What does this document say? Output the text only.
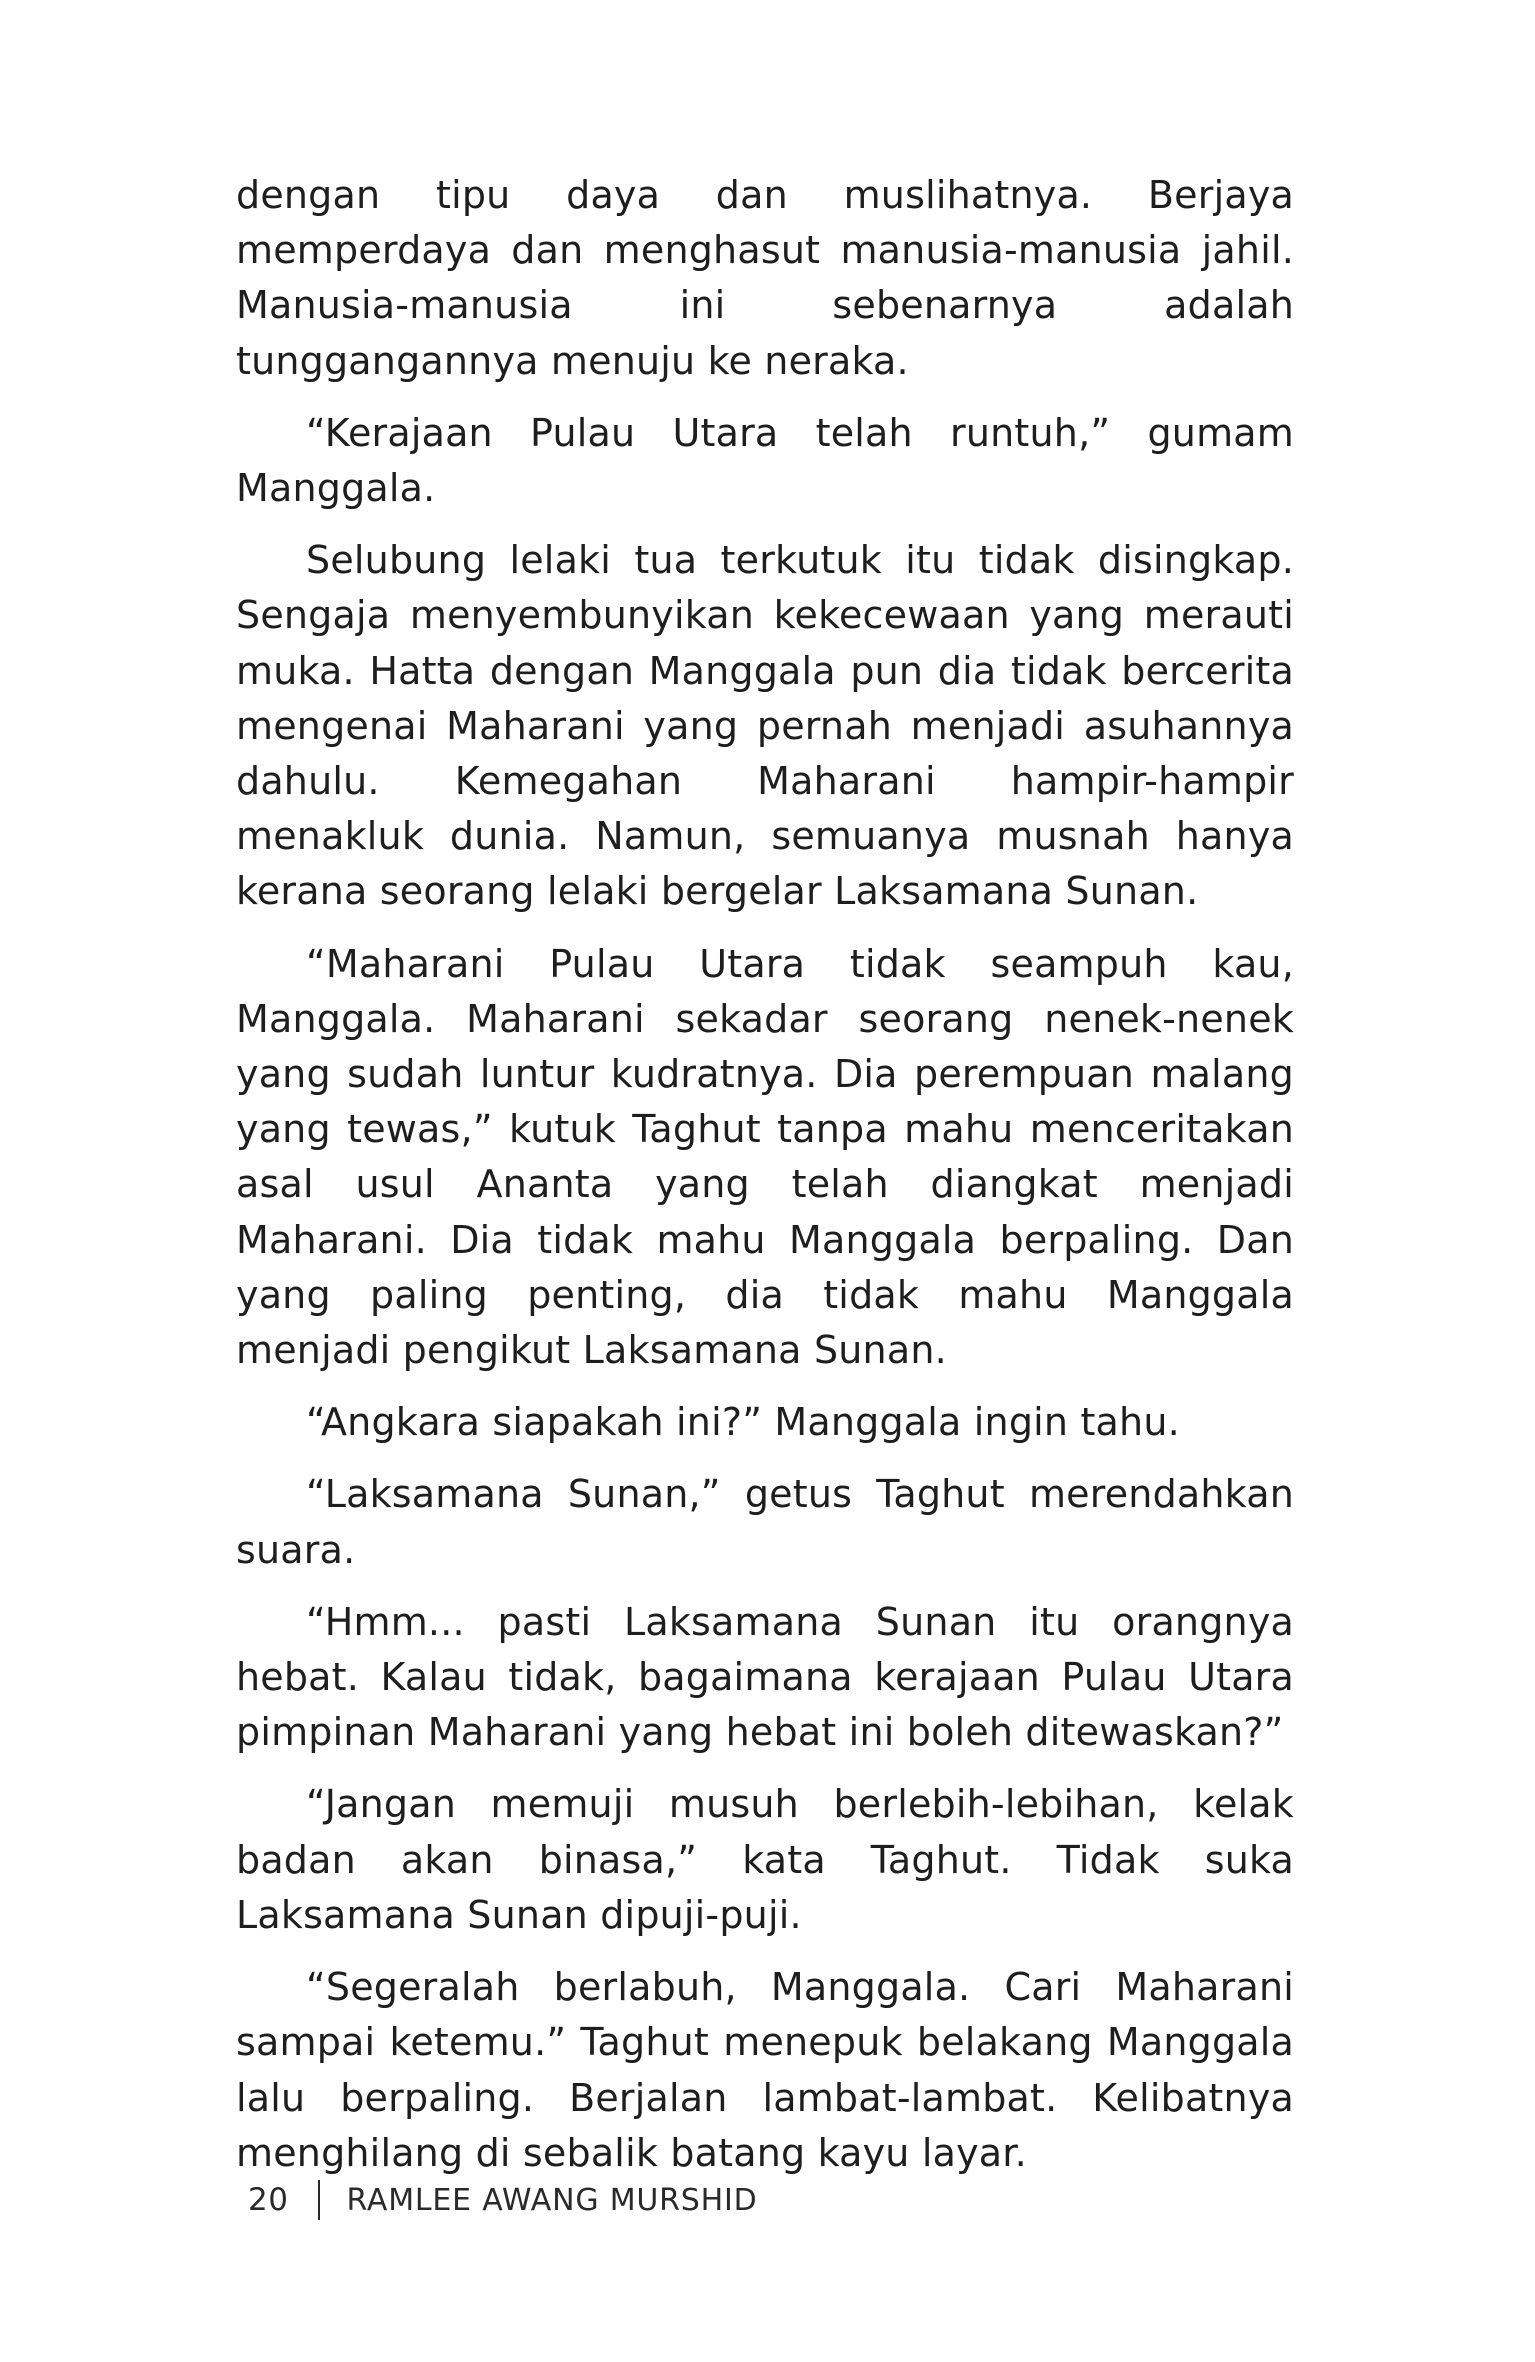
dengan tipu daya dan muslihatnya. Berjaya memperdaya dan menghasut manusia-manusia jahil. Manusia-manusia ini sebenarnya adalah tunggangannya menuju ke neraka.

“Kerajaan Pulau Utara telah runtuh,” gumam Manggala.

Selubung lelaki tua terkutuk itu tidak disingkap. Sengaja menyembunyikan kekecewaan yang merauti muka. Hatta dengan Manggala pun dia tidak bercerita mengenai Maharani yang pernah menjadi asuhannya dahulu. Kemegahan Maharani hampir-hampir menakluk dunia. Namun, semuanya musnah hanya kerana seorang lelaki bergelar Laksamana Sunan.

“Maharani Pulau Utara tidak seampuh kau, Manggala. Maharani sekadar seorang nenek-nenek yang sudah luntur kudratnya. Dia perempuan malang yang tewas,” kutuk Taghut tanpa mahu menceritakan asal usul Ananta yang telah diangkat menjadi Maharani. Dia tidak mahu Manggala berpaling. Dan yang paling penting, dia tidak mahu Manggala menjadi pengikut Laksamana Sunan.

“Angkara siapakah ini?” Manggala ingin tahu.

“Laksamana Sunan,” getus Taghut merendahkan suara.

“Hmm... pasti Laksamana Sunan itu orangnya hebat. Kalau tidak, bagaimana kerajaan Pulau Utara pimpinan Maharani yang hebat ini boleh ditewaskan?”

“Jangan memuji musuh berlebih-lebihan, kelak badan akan binasa,” kata Taghut. Tidak suka Laksamana Sunan dipuji-puji.

“Segeralah berlabuh, Manggala. Cari Maharani sampai ketemu.” Taghut menepuk belakang Manggala lalu berpaling. Berjalan lambat-lambat. Kelibatnya menghilang di sebalik batang kayu layar.

20 RAMLEE AWANG MURSHID
